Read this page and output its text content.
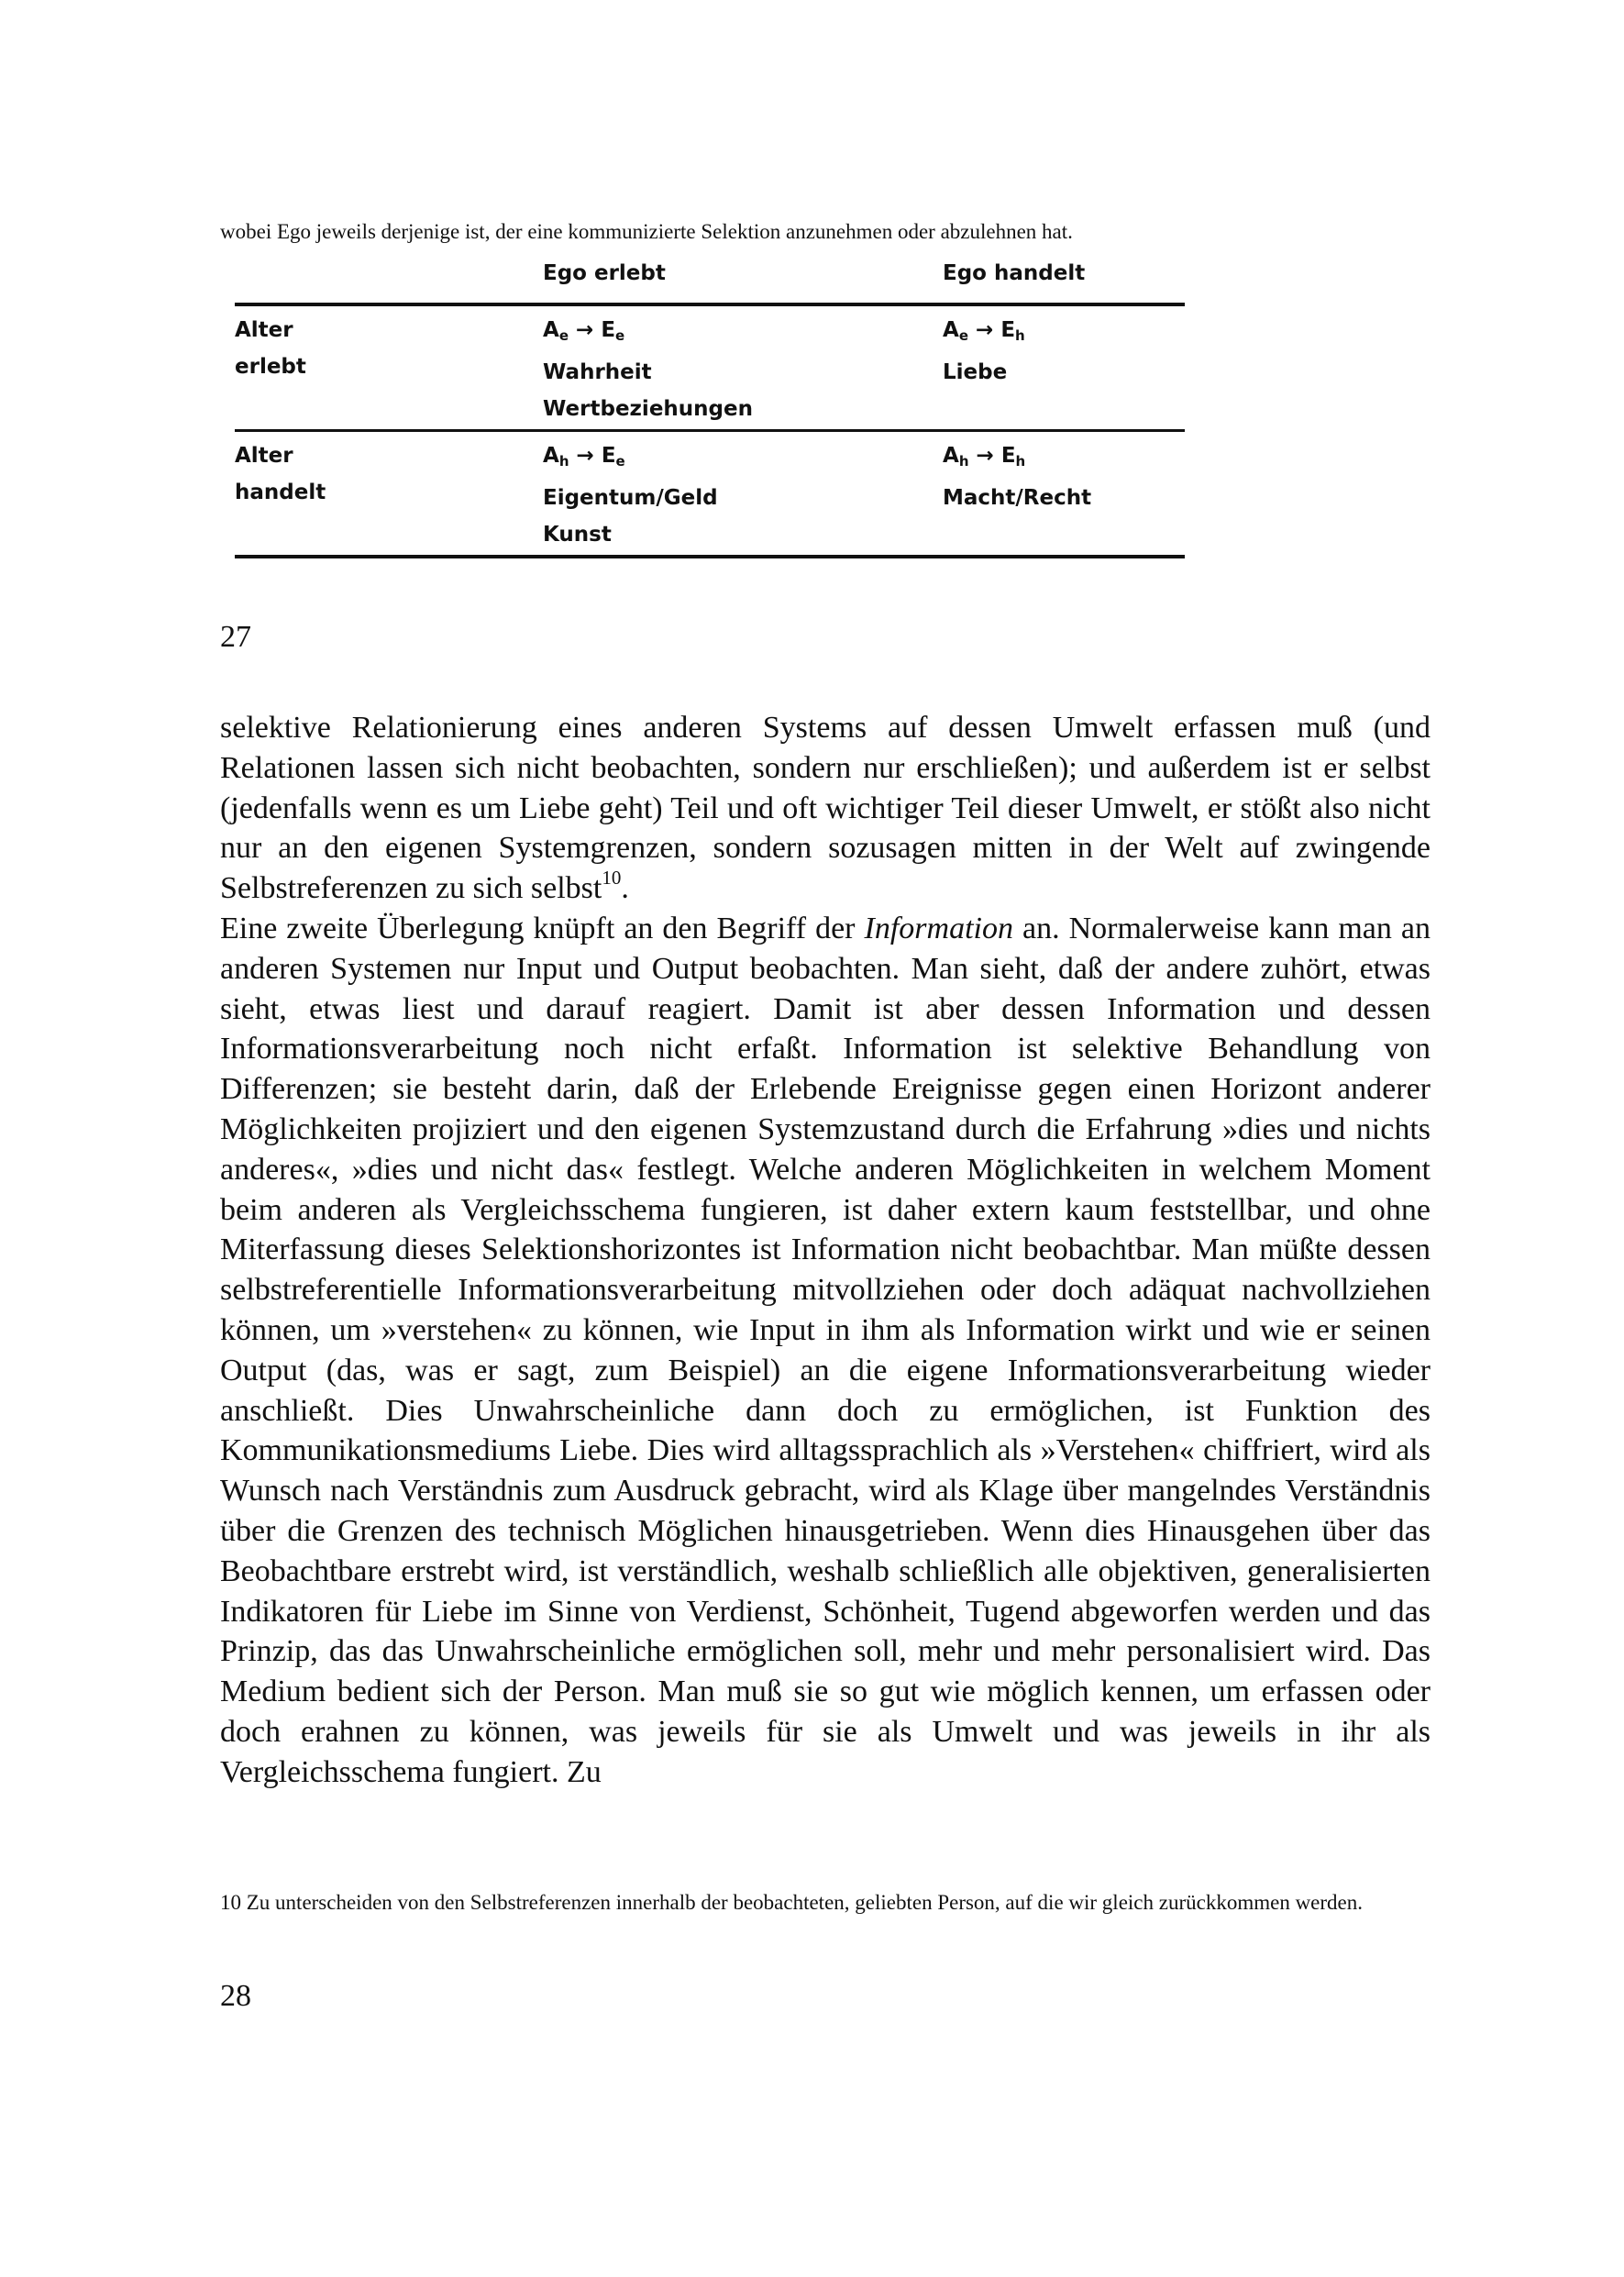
wobei Ego jeweils derjenige ist, der eine kommunizierte Selektion anzunehmen oder abzulehnen hat.

Ego erlebt	Ego handelt
Alter
erlebt
$A_e \to E_e$
Wahrheit
Wertbeziehungen
$A_e \to E_h$
Liebe
Alter
handelt
$A_h \to E_e$
Eigentum/Geld
Kunst
$A_h \to E_h$
Macht/Recht

27

selektive Relationierung eines anderen Systems auf dessen Umwelt erfassen muß (und Relationen lassen sich nicht beobachten, sondern nur erschließen); und außerdem ist er selbst (jedenfalls wenn es um Liebe geht) Teil und oft wichtiger Teil dieser Umwelt, er stößt also nicht nur an den eigenen Systemgrenzen, sondern sozusagen mitten in der Welt auf zwingende Selbstreferenzen zu sich selbst$^{10}$.

Eine zweite Überlegung knüpft an den Begriff der Information an. Normalerweise kann man an anderen Systemen nur Input und Output beobachten. Man sieht, daß der andere zuhört, etwas sieht, etwas liest und darauf reagiert. Damit ist aber dessen Information und dessen Informationsverarbeitung noch nicht erfaßt. Information ist selektive Behandlung von Differenzen; sie besteht darin, daß der Erlebende Ereignisse gegen einen Horizont anderer Möglichkeiten projiziert und den eigenen Systemzustand durch die Erfahrung »dies und nichts anderes«, »dies und nicht das« festlegt. Welche anderen Möglichkeiten in welchem Moment beim anderen als Vergleichsschema fungieren, ist daher extern kaum feststellbar, und ohne Miterfassung dieses Selektionshorizontes ist Information nicht beobachtbar. Man müßte dessen selbstreferentielle Informationsverarbeitung mitvollziehen oder doch adäquat nachvollziehen können, um »verstehen« zu können, wie Input in ihm als Information wirkt und wie er seinen Output (das, was er sagt, zum Beispiel) an die eigene Informationsverarbeitung wieder anschließt. Dies Unwahrscheinliche dann doch zu ermöglichen, ist Funktion des Kommunikationsmediums Liebe. Dies wird alltagssprachlich als »Verstehen« chiffriert, wird als Wunsch nach Verständnis zum Ausdruck gebracht, wird als Klage über mangelndes Verständnis über die Grenzen des technisch Möglichen hinausgetrieben. Wenn dies Hinausgehen über das Beobachtbare erstrebt wird, ist verständlich, weshalb schließlich alle objektiven, generalisierten Indikatoren für Liebe im Sinne von Verdienst, Schönheit, Tugend abgeworfen werden und das Prinzip, das das Unwahrscheinliche ermöglichen soll, mehr und mehr personalisiert wird. Das Medium bedient sich der Person. Man muß sie so gut wie möglich kennen, um erfassen oder doch erahnen zu können, was jeweils für sie als Umwelt und was jeweils in ihr als Vergleichsschema fungiert. Zu

10 Zu unterscheiden von den Selbstreferenzen innerhalb der beobachteten, geliebten Person, auf die wir gleich zurückkommen werden.

28
